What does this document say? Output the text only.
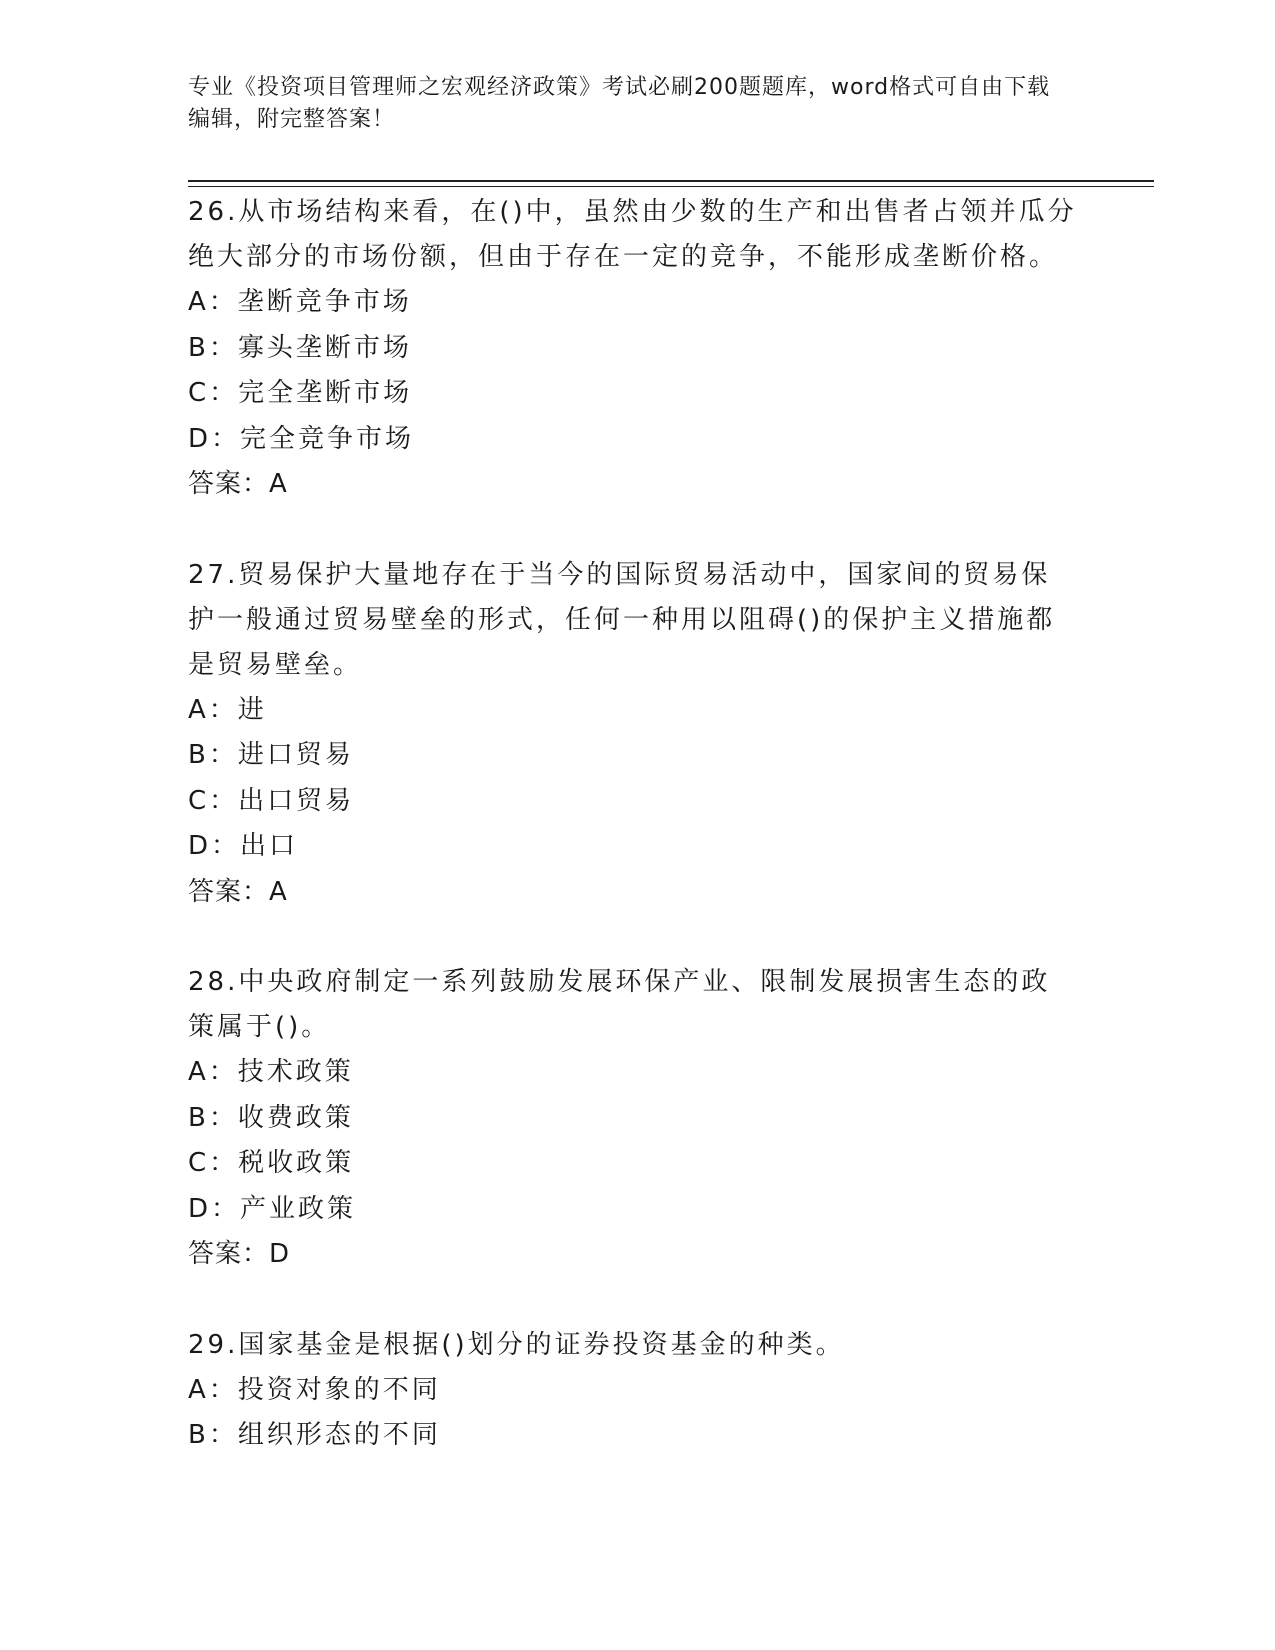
专业《投资项目管理师之宏观经济政策》考试必刷200题题库，word格式可自由下载编辑，附完整答案！

26.从市场结构来看，在()中，虽然由少数的生产和出售者占领并瓜分绝大部分的市场份额，但由于存在一定的竞争，不能形成垄断价格。

A：垄断竞争市场

B：寡头垄断市场

C：完全垄断市场

D：完全竞争市场

答案：A

27.贸易保护大量地存在于当今的国际贸易活动中，国家间的贸易保护一般通过贸易壁垒的形式，任何一种用以阻碍()的保护主义措施都是贸易壁垒。

A：进

B：进口贸易

C：出口贸易

D：出口

答案：A

28.中央政府制定一系列鼓励发展环保产业、限制发展损害生态的政策属于()。

A：技术政策

B：收费政策

C：税收政策

D：产业政策

答案：D

29.国家基金是根据()划分的证券投资基金的种类。

A：投资对象的不同

B：组织形态的不同
